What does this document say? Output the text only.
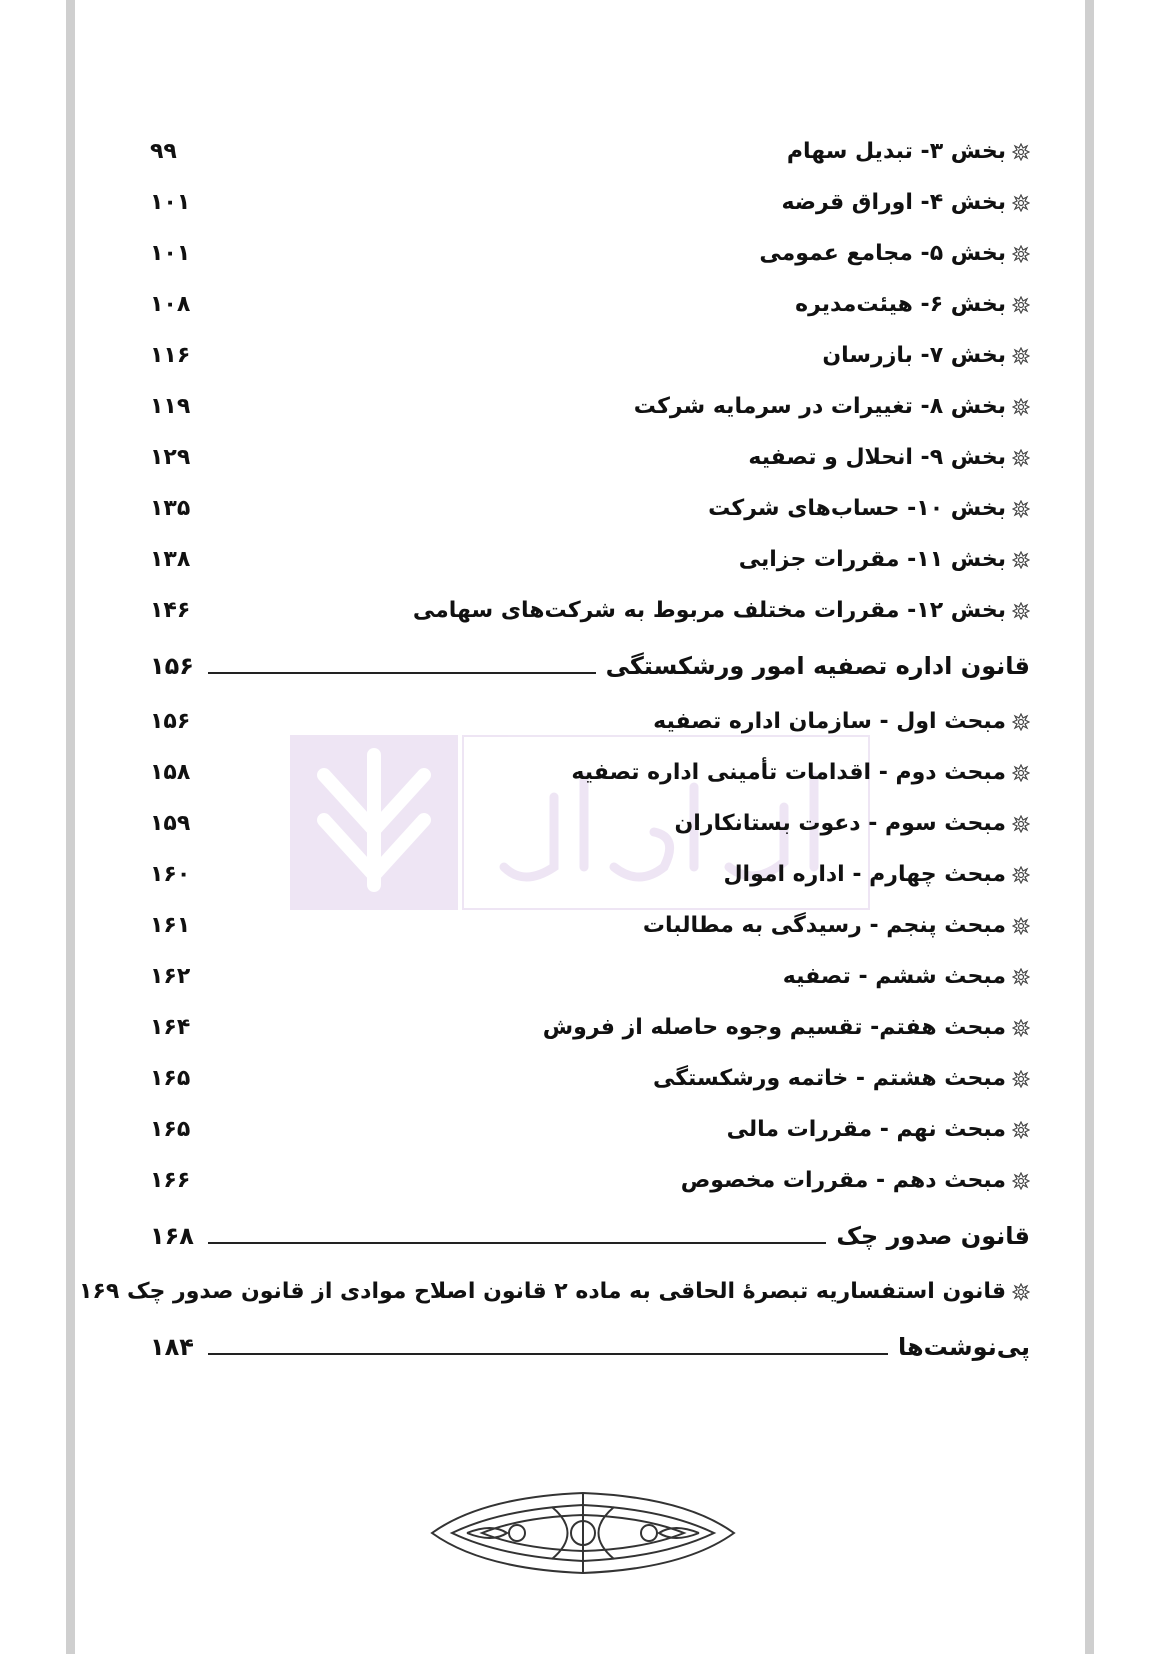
بخش ۳- تبدیل سهام
۹۹
بخش ۴- اوراق قرضه
۱۰۱
بخش ۵- مجامع عمومی
۱۰۱
بخش ۶- هیئت‌مدیره
۱۰۸
بخش ۷- بازرسان
۱۱۶
بخش ۸- تغییرات در سرمایه شرکت
۱۱۹
بخش ۹- انحلال و تصفیه
۱۲۹
بخش ۱۰- حساب‌های شرکت
۱۳۵
بخش ۱۱- مقررات جزایی
۱۳۸
بخش ۱۲- مقررات مختلف مربوط به شرکت‌های سهامی
۱۴۶
قانون اداره تصفیه امور ورشکستگی
۱۵۶
مبحث اول - سازمان اداره تصفیه
۱۵۶
مبحث دوم - اقدامات تأمینی اداره تصفیه
۱۵۸
مبحث سوم - دعوت بستانکاران
۱۵۹
مبحث چهارم - اداره اموال
۱۶۰
مبحث پنجم - رسیدگی به مطالبات
۱۶۱
مبحث ششم - تصفیه
۱۶۲
مبحث هفتم- تقسیم وجوه حاصله از فروش
۱۶۴
مبحث هشتم - خاتمه ورشکستگی
۱۶۵
مبحث نهم - مقررات مالی
۱۶۵
مبحث دهم - مقررات مخصوص
۱۶۶
قانون صدور چک
۱۶۸
قانون استفساریه تبصرهٔ الحاقی به ماده ۲ قانون اصلاح موادی از قانون صدور چک
۱۶۹
پی‌نوشت‌ها
۱۸۴
